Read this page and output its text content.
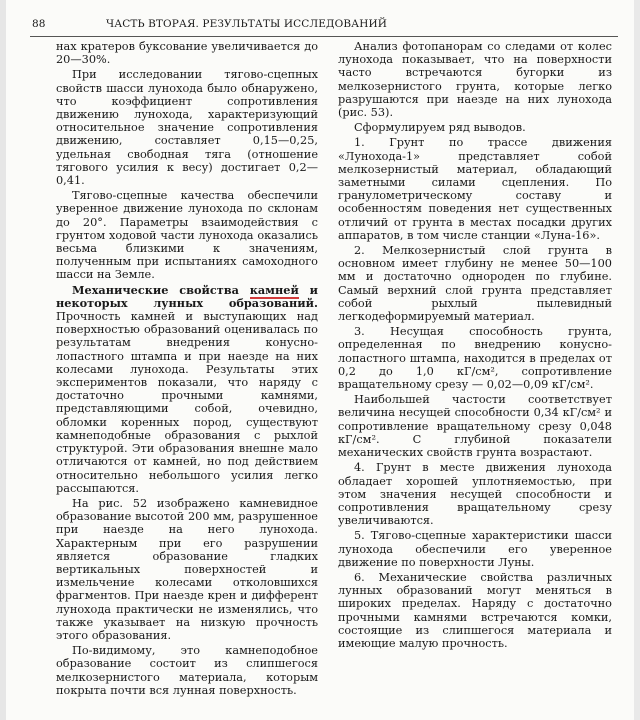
88	ЧАСТЬ ВТОРАЯ. РЕЗУЛЬТАТЫ ИССЛЕДОВАНИЙ

нах кратеров буксование увеличивается до 20—30%.

При исследовании тягово-сцепных свойств шасси лунохода было обнаружено, что коэффициент сопротивления движению лунохода, характеризующий относительное значение сопротивления движению, составляет 0,15—0,25, удельная свободная тяга (отношение тягового усилия к весу) достигает 0,2—0,41.

Тягово-сцепные качества обеспечили уверенное движение лунохода по склонам до 20°. Параметры взаимодействия с грунтом ходовой части лунохода оказались весьма близкими к значениям, полученным при испытаниях самоходного шасси на Земле.

Механические свойства камней и некоторых лунных образований. Прочность камней и выступающих над поверхностью образований оценивалась по результатам внедрения конусно-лопастного штампа и при наезде на них колесами лунохода. Результаты этих экспериментов показали, что наряду с достаточно прочными камнями, представляющими собой, очевидно, обломки коренных пород, существуют камнеподобные образования с рыхлой структурой. Эти образования внешне мало отличаются от камней, но под действием относительно небольшого усилия легко рассыпаются.

На рис. 52 изображено камневидное образование высотой 200 мм, разрушенное при наезде на него лунохода. Характерным при его разрушении является образование гладких вертикальных поверхностей и измельчение колесами отколовшихся фрагментов. При наезде крен и дифферент лунохода практически не изменялись, что также указывает на низкую прочность этого образования.

По-видимому, это камнеподобное образование состоит из слипшегося мелкозернистого материала, которым покрыта почти вся лунная поверхность.

Анализ фотопанорам со следами от колес лунохода показывает, что на поверхности часто встречаются бугорки из мелкозернистого грунта, которые легко разрушаются при наезде на них лунохода (рис. 53).

Сформулируем ряд выводов.

1. Грунт по трассе движения «Лунохода-1» представляет собой мелкозернистый материал, обладающий заметными силами сцепления. По гранулометрическому составу и особенностям поведения нет существенных отличий от грунта в местах посадки других аппаратов, в том числе станции «Луна-16».

2. Мелкозернистый слой грунта в основном имеет глубину не менее 50—100 мм и достаточно однороден по глубине. Самый верхний слой грунта представляет собой рыхлый пылевидный легкодеформируемый материал.

3. Несущая способность грунта, определенная по внедрению конусно-лопастного штампа, находится в пределах от 0,2 до 1,0 кГ/см², сопротивление вращательному срезу — 0,02—0,09 кГ/см².

Наибольшей частости соответствует величина несущей способности 0,34 кГ/см² и сопротивление вращательному срезу 0,048 кГ/см². С глубиной показатели механических свойств грунта возрастают.

4. Грунт в месте движения лунохода обладает хорошей уплотняемостью, при этом значения несущей способности и сопротивления вращательному срезу увеличиваются.

5. Тягово-сцепные характеристики шасси лунохода обеспечили его уверенное движение по поверхности Луны.

6. Механические свойства различных лунных образований могут меняться в широких пределах. Наряду с достаточно прочными камнями встречаются комки, состоящие из слипшегося материала и имеющие малую прочность.
